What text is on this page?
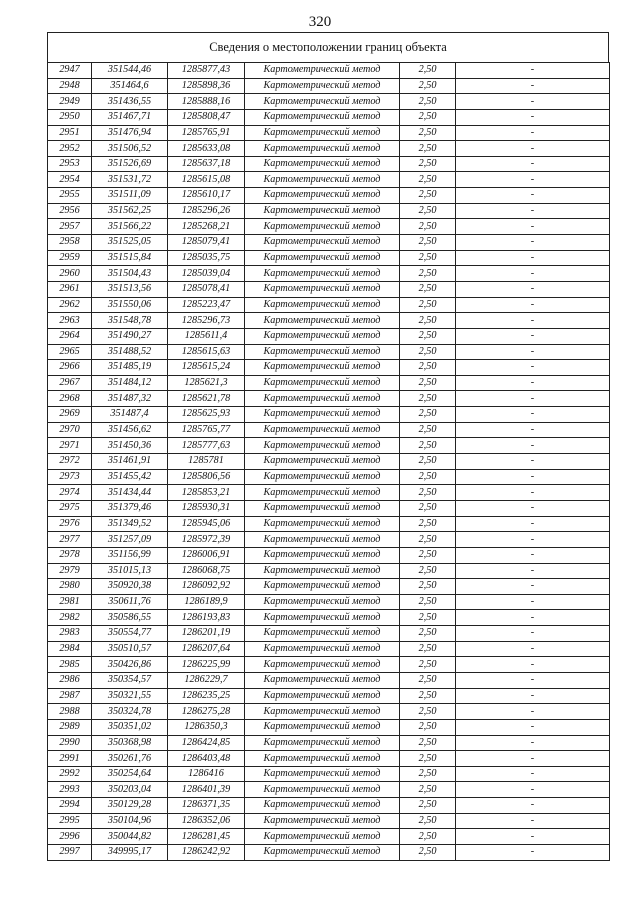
320
Сведения о местоположении границ объекта
2947	351544,46	1285877,43	Картометрический метод	2,50	-
2948	351464,6	1285898,36	Картометрический метод	2,50	-
2949	351436,55	1285888,16	Картометрический метод	2,50	-
2950	351467,71	1285808,47	Картометрический метод	2,50	-
2951	351476,94	1285765,91	Картометрический метод	2,50	-
2952	351506,52	1285633,08	Картометрический метод	2,50	-
2953	351526,69	1285637,18	Картометрический метод	2,50	-
2954	351531,72	1285615,08	Картометрический метод	2,50	-
2955	351511,09	1285610,17	Картометрический метод	2,50	-
2956	351562,25	1285296,26	Картометрический метод	2,50	-
2957	351566,22	1285268,21	Картометрический метод	2,50	-
2958	351525,05	1285079,41	Картометрический метод	2,50	-
2959	351515,84	1285035,75	Картометрический метод	2,50	-
2960	351504,43	1285039,04	Картометрический метод	2,50	-
2961	351513,56	1285078,41	Картометрический метод	2,50	-
2962	351550,06	1285223,47	Картометрический метод	2,50	-
2963	351548,78	1285296,73	Картометрический метод	2,50	-
2964	351490,27	1285611,4	Картометрический метод	2,50	-
2965	351488,52	1285615,63	Картометрический метод	2,50	-
2966	351485,19	1285615,24	Картометрический метод	2,50	-
2967	351484,12	1285621,3	Картометрический метод	2,50	-
2968	351487,32	1285621,78	Картометрический метод	2,50	-
2969	351487,4	1285625,93	Картометрический метод	2,50	-
2970	351456,62	1285765,77	Картометрический метод	2,50	-
2971	351450,36	1285777,63	Картометрический метод	2,50	-
2972	351461,91	1285781	Картометрический метод	2,50	-
2973	351455,42	1285806,56	Картометрический метод	2,50	-
2974	351434,44	1285853,21	Картометрический метод	2,50	-
2975	351379,46	1285930,31	Картометрический метод	2,50	-
2976	351349,52	1285945,06	Картометрический метод	2,50	-
2977	351257,09	1285972,39	Картометрический метод	2,50	-
2978	351156,99	1286006,91	Картометрический метод	2,50	-
2979	351015,13	1286068,75	Картометрический метод	2,50	-
2980	350920,38	1286092,92	Картометрический метод	2,50	-
2981	350611,76	1286189,9	Картометрический метод	2,50	-
2982	350586,55	1286193,83	Картометрический метод	2,50	-
2983	350554,77	1286201,19	Картометрический метод	2,50	-
2984	350510,57	1286207,64	Картометрический метод	2,50	-
2985	350426,86	1286225,99	Картометрический метод	2,50	-
2986	350354,57	1286229,7	Картометрический метод	2,50	-
2987	350321,55	1286235,25	Картометрический метод	2,50	-
2988	350324,78	1286275,28	Картометрический метод	2,50	-
2989	350351,02	1286350,3	Картометрический метод	2,50	-
2990	350368,98	1286424,85	Картометрический метод	2,50	-
2991	350261,76	1286403,48	Картометрический метод	2,50	-
2992	350254,64	1286416	Картометрический метод	2,50	-
2993	350203,04	1286401,39	Картометрический метод	2,50	-
2994	350129,28	1286371,35	Картометрический метод	2,50	-
2995	350104,96	1286352,06	Картометрический метод	2,50	-
2996	350044,82	1286281,45	Картометрический метод	2,50	-
2997	349995,17	1286242,92	Картометрический метод	2,50	-
